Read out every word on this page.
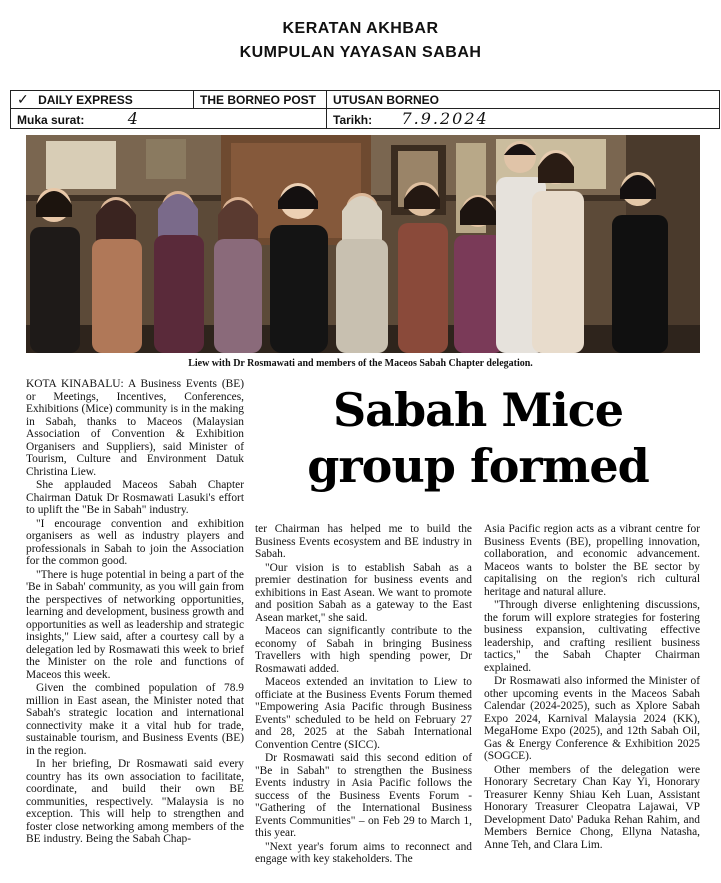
KERATAN AKHBAR
KUMPULAN YAYASAN SABAH
✓ DAILY EXPRESS	THE BORNEO POST	UTUSAN BORNEO
Muka surat: 4		Tarikh: 7.9.2024
Liew with Dr Rosmawati and members of the Maceos Sabah Chapter delegation.

KOTA KINABALU: A Business Events (BE) or Meetings, Incentives, Conferences, Exhibitions (Mice) community is in the making in Sabah, thanks to Maceos (Malaysian Association of Convention & Exhibition Organisers and Suppliers), said Minister of Tourism, Culture and Environment Datuk Christina Liew.

She applauded Maceos Sabah Chapter Chairman Datuk Dr Rosmawati Lasuki's effort to uplift the "Be in Sabah" industry.

"I encourage convention and exhibition organisers as well as industry players and professionals in Sabah to join the Association for the common good.

"There is huge potential in being a part of the 'Be in Sabah' community, as you will gain from the perspectives of networking opportunities, learning and development, business growth and opportunities as well as leadership and strategic insights," Liew said, after a courtesy call by a delegation led by Rosmawati this week to brief the Minister on the role and functions of Maceos this week.

Given the combined population of 78.9 million in East asean, the Minister noted that Sabah's strategic location and international connectivity make it a vital hub for trade, sustainable tourism, and Business Events (BE) in the region.

In her briefing, Dr Rosmawati said every country has its own association to facilitate, coordinate, and build their own BE communities, respectively. "Malaysia is no exception. This will help to strengthen and foster close networking among members of the BE industry. Being the Sabah Chap-

Sabah Mice
group formed

ter Chairman has helped me to build the Business Events ecosystem and BE industry in Sabah.

"Our vision is to establish Sabah as a premier destination for business events and exhibitions in East Asean. We want to promote and position Sabah as a gateway to the East Asean market," she said.

Maceos can significantly contribute to the economy of Sabah in bringing Business Travellers with high spending power, Dr Rosmawati added.

Maceos extended an invitation to Liew to officiate at the Business Events Forum themed "Empowering Asia Pacific through Business Events" scheduled to be held on February 27 and 28, 2025 at the Sabah International Convention Centre (SICC).

Dr Rosmawati said this second edition of "Be in Sabah" to strengthen the Business Events industry in Asia Pacific follows the success of the Business Events Forum - "Gathering of the International Business Events Communities" – on Feb 29 to March 1, this year.

"Next year's forum aims to reconnect and engage with key stakeholders. The

Asia Pacific region acts as a vibrant centre for Business Events (BE), propelling innovation, collaboration, and economic advancement. Maceos wants to bolster the BE sector by capitalising on the region's rich cultural heritage and natural allure.

"Through diverse enlightening discussions, the forum will explore strategies for fostering business expansion, cultivating effective leadership, and crafting resilient business tactics," the Sabah Chapter Chairman explained.

Dr Rosmawati also informed the Minister of other upcoming events in the Maceos Sabah Calendar (2024-2025), such as Xplore Sabah Expo 2024, Karnival Malaysia 2024 (KK), MegaHome Expo (2025), and 12th Sabah Oil, Gas & Energy Conference & Exhibition 2025 (SOGCE).

Other members of the delegation were Honorary Secretary Chan Kay Yi, Honorary Treasurer Kenny Shiau Keh Luan, Assistant Honorary Treasurer Cleopatra Lajawai, VP Development Dato' Paduka Rehan Rahim, and Members Bernice Chong, Ellyna Natasha, Anne Teh, and Clara Lim.
